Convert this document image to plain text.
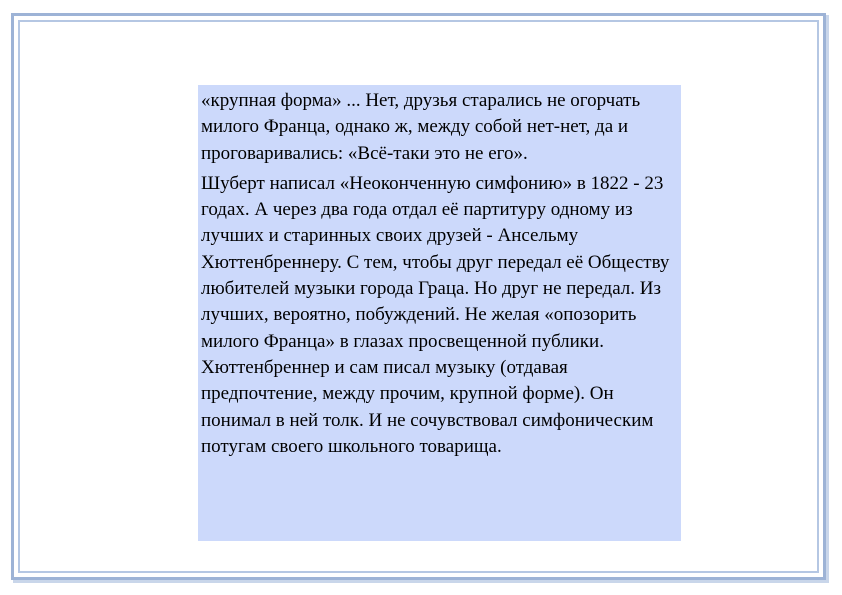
«крупная форма» ... Нет, друзья старались не огорчать милого Франца, однако ж, между собой нет-нет, да и проговаривались: «Всё-таки это не его».

Шуберт написал «Неоконченную симфонию» в 1822 - 23 годах. А через два года отдал её партитуру одному из лучших и старинных своих друзей - Ансельму Хюттенбреннеру. С тем, чтобы друг передал её Обществу любителей музыки города Граца. Но друг не передал. Из лучших, вероятно, побуждений. Не желая «опозорить милого Франца» в глазах просвещенной публики. Хюттенбреннер и сам писал музыку (отдавая предпочтение, между прочим, крупной форме). Он понимал в ней толк. И не сочувствовал симфоническим потугам своего школьного товарища.
